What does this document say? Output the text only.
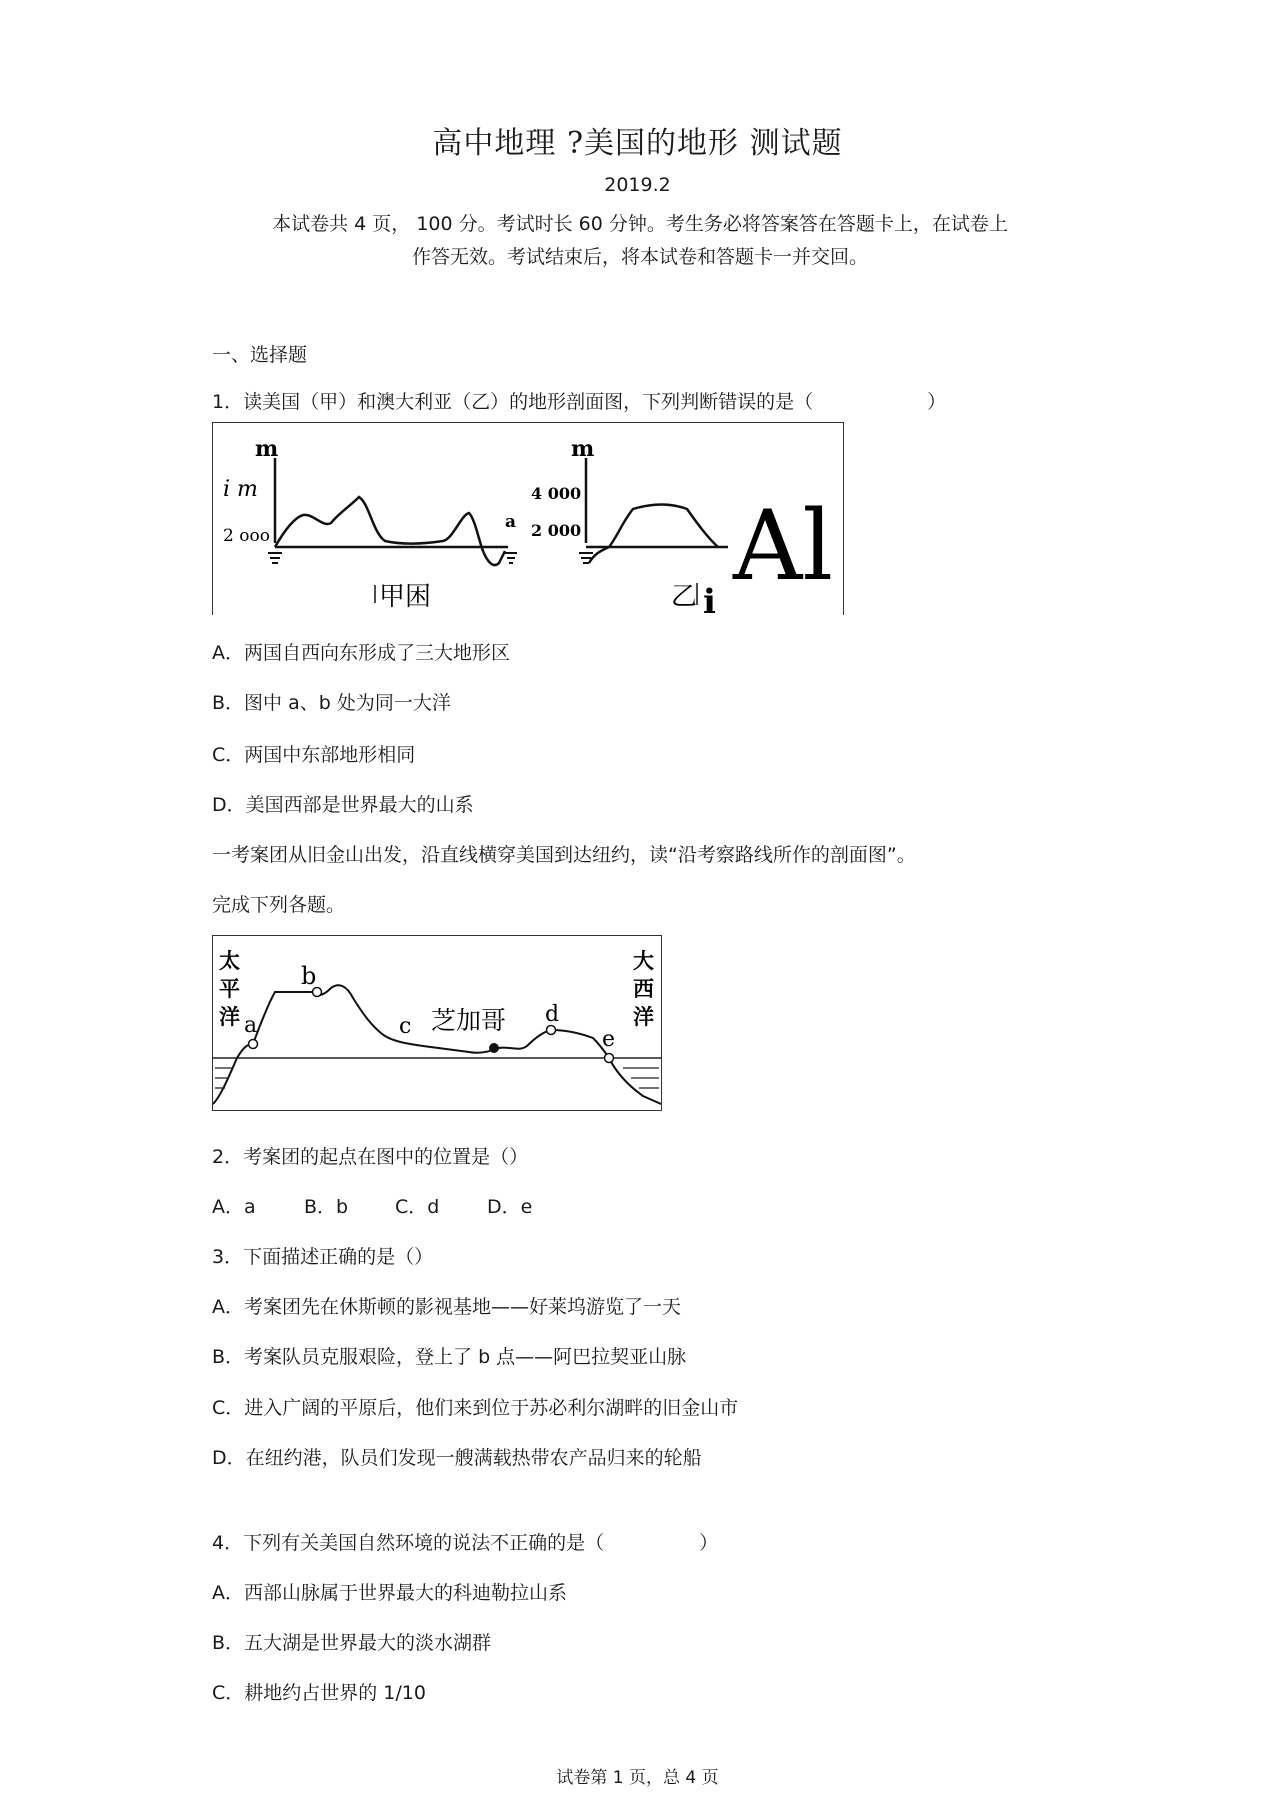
高中地理 ?美国的地形 测试题
2019.2
本试卷共 4 页， 100 分。考试时长 60 分钟。考生务必将答案答在答题卡上，在试卷上
作答无效。考试结束后，将本试卷和答题卡一并交回。
一、选择题
1．读美国（甲）和澳大利亚（乙）的地形剖面图，下列判断错误的是（　　　　　　）
m
i m
2 ooo
a
m
4 000
2 000 Al
甲困	乙 i
A．两国自西向东形成了三大地形区
B．图中 a、b 处为同一大洋
C．两国中东部地形相同
D．美国西部是世界最大的山系
一考案团从旧金山出发，沿直线横穿美国到达纽约，读“沿考察路线所作的剖面图”。
完成下列各题。
太
平
洋
大
西
洋
a
b
c	d
e
芝加哥
2．考案团的起点在图中的位置是（）
A．a	B．b C．d	D．e
3．下面描述正确的是（）
A．考案团先在休斯顿的影视基地——好莱坞游览了一天
B．考案队员克服艰险，登上了 b 点——阿巴拉契亚山脉
C．进入广阔的平原后，他们来到位于苏必利尔湖畔的旧金山市
D．在纽约港，队员们发现一艘满载热带农产品归来的轮船
4．下列有关美国自然环境的说法不正确的是（　　　　　）
A．西部山脉属于世界最大的科迪勒拉山系
B．五大湖是世界最大的淡水湖群
C．耕地约占世界的 1/10
试卷第 1 页，总 4 页
